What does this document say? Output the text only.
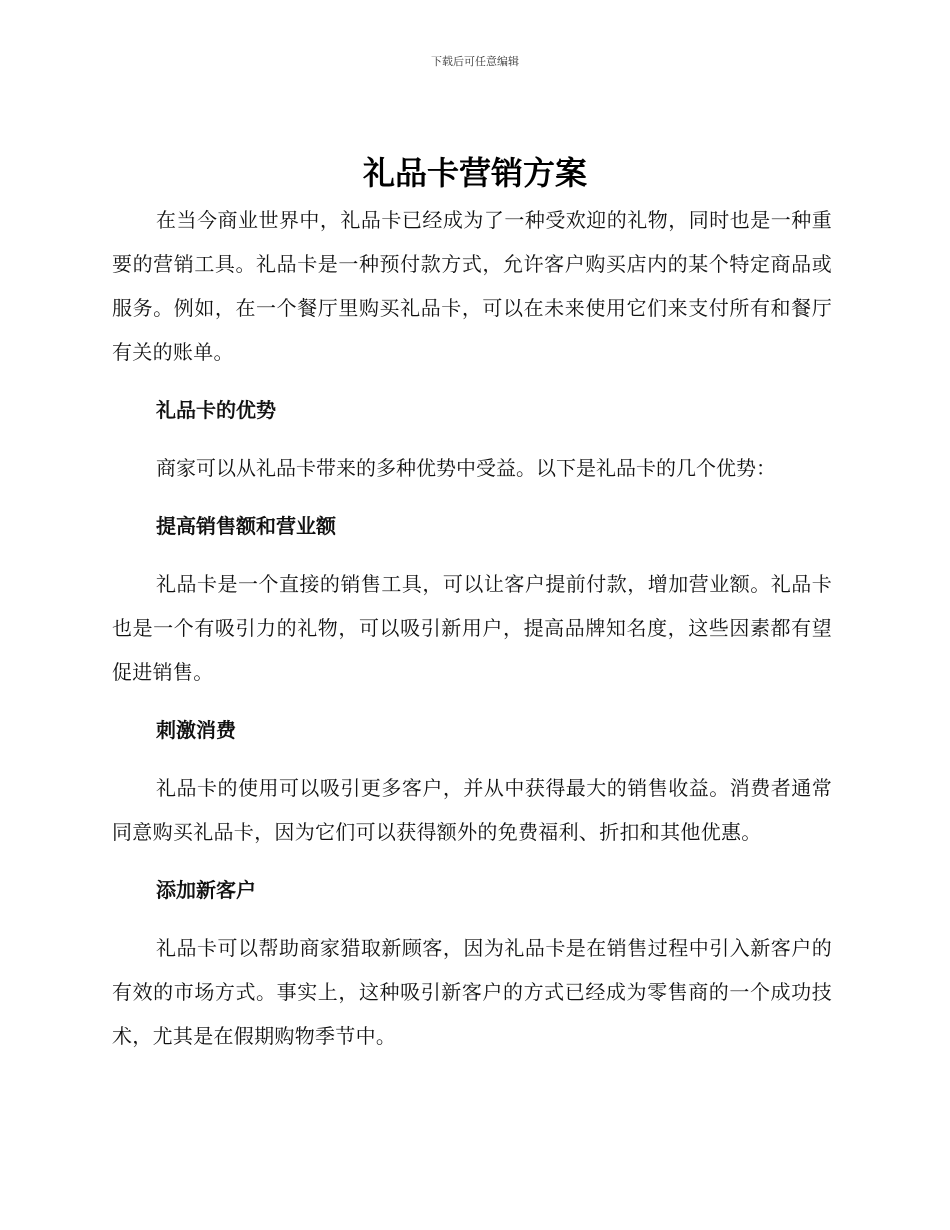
下载后可任意编辑
礼品卡营销方案

在当今商业世界中，礼品卡已经成为了一种受欢迎的礼物，同时也是一种重要的营销工具。礼品卡是一种预付款方式，允许客户购买店内的某个特定商品或服务。例如，在一个餐厅里购买礼品卡，可以在未来使用它们来支付所有和餐厅有关的账单。

礼品卡的优势

商家可以从礼品卡带来的多种优势中受益。以下是礼品卡的几个优势：

提高销售额和营业额

礼品卡是一个直接的销售工具，可以让客户提前付款，增加营业额。礼品卡也是一个有吸引力的礼物，可以吸引新用户，提高品牌知名度，这些因素都有望促进销售。

刺激消费

礼品卡的使用可以吸引更多客户，并从中获得最大的销售收益。消费者通常同意购买礼品卡，因为它们可以获得额外的免费福利、折扣和其他优惠。

添加新客户

礼品卡可以帮助商家猎取新顾客，因为礼品卡是在销售过程中引入新客户的有效的市场方式。事实上，这种吸引新客户的方式已经成为零售商的一个成功技术，尤其是在假期购物季节中。
